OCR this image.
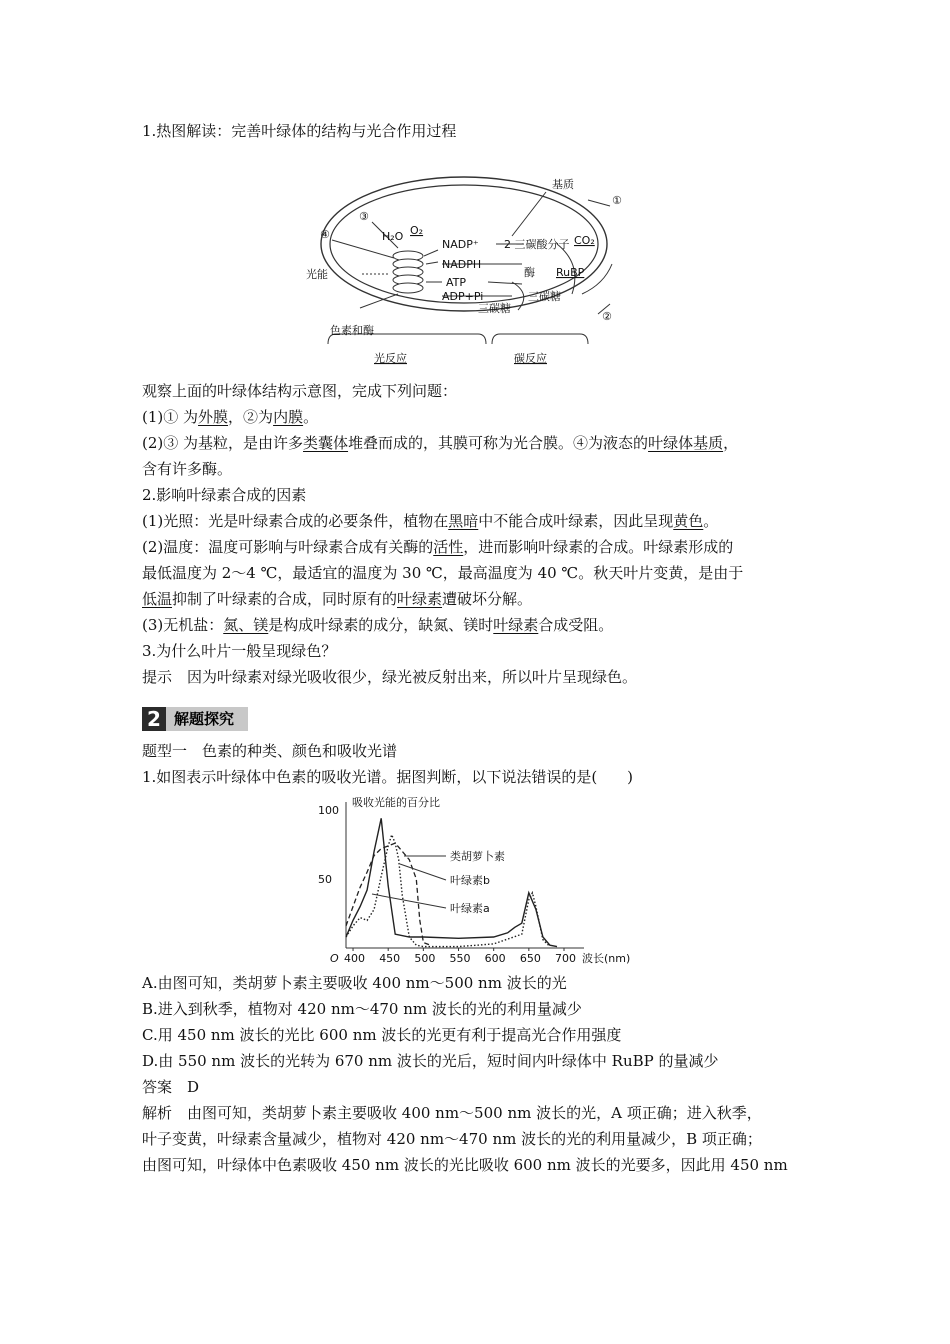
1.热图解读：完善叶绿体的结构与光合作用过程

基质
①
②
③
④	H₂O O₂
NADP⁺
NADPH
ATP
ADP+Pi
2 三碳酸分子 CO₂
酶 RuBP
三碳糖
三碳糖
光能
色素和酶
光反应	碳反应

观察上面的叶绿体结构示意图，完成下列问题：

(1)① 为外膜，②为内膜。

(2)③ 为基粒，是由许多类囊体堆叠而成的，其膜可称为光合膜。④为液态的叶绿体基质，

含有许多酶。

2.影响叶绿素合成的因素

(1)光照：光是叶绿素合成的必要条件，植物在黑暗中不能合成叶绿素，因此呈现黄色。

(2)温度：温度可影响与叶绿素合成有关酶的活性，进而影响叶绿素的合成。叶绿素形成的

最低温度为 2～4 ℃，最适宜的温度为 30 ℃，最高温度为 40 ℃。秋天叶片变黄，是由于

低温抑制了叶绿素的合成，同时原有的叶绿素遭破坏分解。

(3)无机盐：氮、镁是构成叶绿素的成分，缺氮、镁时叶绿素合成受阻。

3.为什么叶片一般呈现绿色？

提示　因为叶绿素对绿光吸收很少，绿光被反射出来，所以叶片呈现绿色。

2 解题探究

题型一　色素的种类、颜色和吸收光谱

1.如图表示叶绿体中色素的吸收光谱。据图判断，以下说法错误的是(　　)

吸收光能的百分比
波长(nm)
400 450 500 550 600 650 700
O
50
100
类胡萝卜素
叶绿素b
叶绿素a

A.由图可知，类胡萝卜素主要吸收 400 nm～500 nm 波长的光

B.进入到秋季，植物对 420 nm～470 nm 波长的光的利用量减少

C.用 450 nm 波长的光比 600 nm 波长的光更有利于提高光合作用强度

D.由 550 nm 波长的光转为 670 nm 波长的光后，短时间内叶绿体中 RuBP 的量减少

答案　D

解析　由图可知，类胡萝卜素主要吸收 400 nm～500 nm 波长的光，A 项正确；进入秋季，

叶子变黄，叶绿素含量减少，植物对 420 nm～470 nm 波长的光的利用量减少，B 项正确；

由图可知，叶绿体中色素吸收 450 nm 波长的光比吸收 600 nm 波长的光要多，因此用 450 nm
